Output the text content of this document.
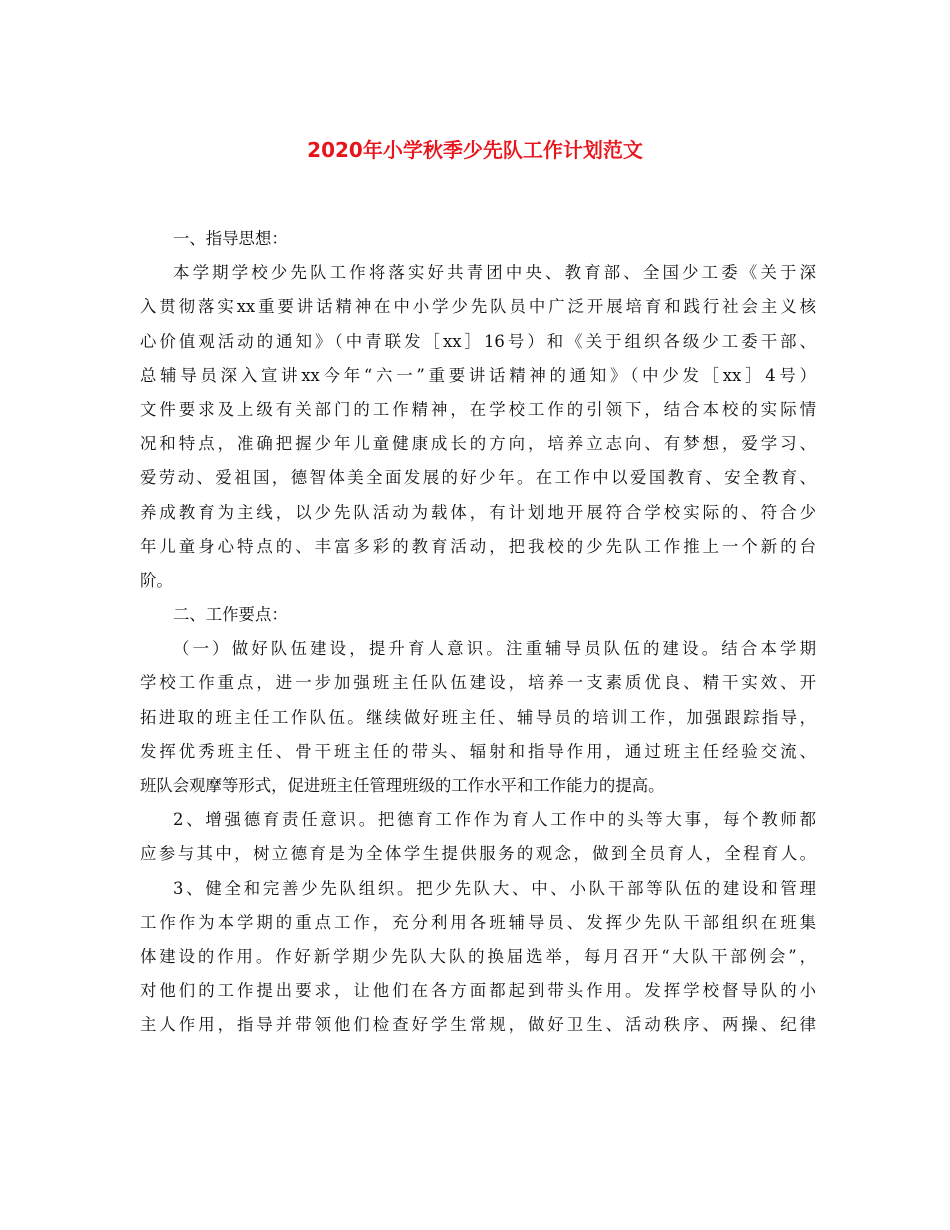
2020年小学秋季少先队工作计划范文
一、指导思想：
本学期学校少先队工作将落实好共青团中央、教育部、全国少工委《关于深
入贯彻落实xx重要讲话精神在中小学少先队员中广泛开展培育和践行社会主义核
心价值观活动的通知》（中青联发［xx］16号）和《关于组织各级少工委干部、
总辅导员深入宣讲xx今年“六一”重要讲话精神的通知》（中少发［xx］4号）
文件要求及上级有关部门的工作精神，在学校工作的引领下，结合本校的实际情
况和特点，准确把握少年儿童健康成长的方向，培养立志向、有梦想，爱学习、
爱劳动、爱祖国，德智体美全面发展的好少年。在工作中以爱国教育、安全教育、
养成教育为主线，以少先队活动为载体，有计划地开展符合学校实际的、符合少
年儿童身心特点的、丰富多彩的教育活动，把我校的少先队工作推上一个新的台
阶。
二、工作要点：
（一）做好队伍建设，提升育人意识。注重辅导员队伍的建设。结合本学期
学校工作重点，进一步加强班主任队伍建设，培养一支素质优良、精干实效、开
拓进取的班主任工作队伍。继续做好班主任、辅导员的培训工作，加强跟踪指导，
发挥优秀班主任、骨干班主任的带头、辐射和指导作用，通过班主任经验交流、
班队会观摩等形式，促进班主任管理班级的工作水平和工作能力的提高。
2、增强德育责任意识。把德育工作作为育人工作中的头等大事，每个教师都
应参与其中，树立德育是为全体学生提供服务的观念，做到全员育人，全程育人。
3、健全和完善少先队组织。把少先队大、中、小队干部等队伍的建设和管理
工作作为本学期的重点工作，充分利用各班辅导员、发挥少先队干部组织在班集
体建设的作用。作好新学期少先队大队的换届选举，每月召开“大队干部例会”，
对他们的工作提出要求，让他们在各方面都起到带头作用。发挥学校督导队的小
主人作用，指导并带领他们检查好学生常规，做好卫生、活动秩序、两操、纪律
